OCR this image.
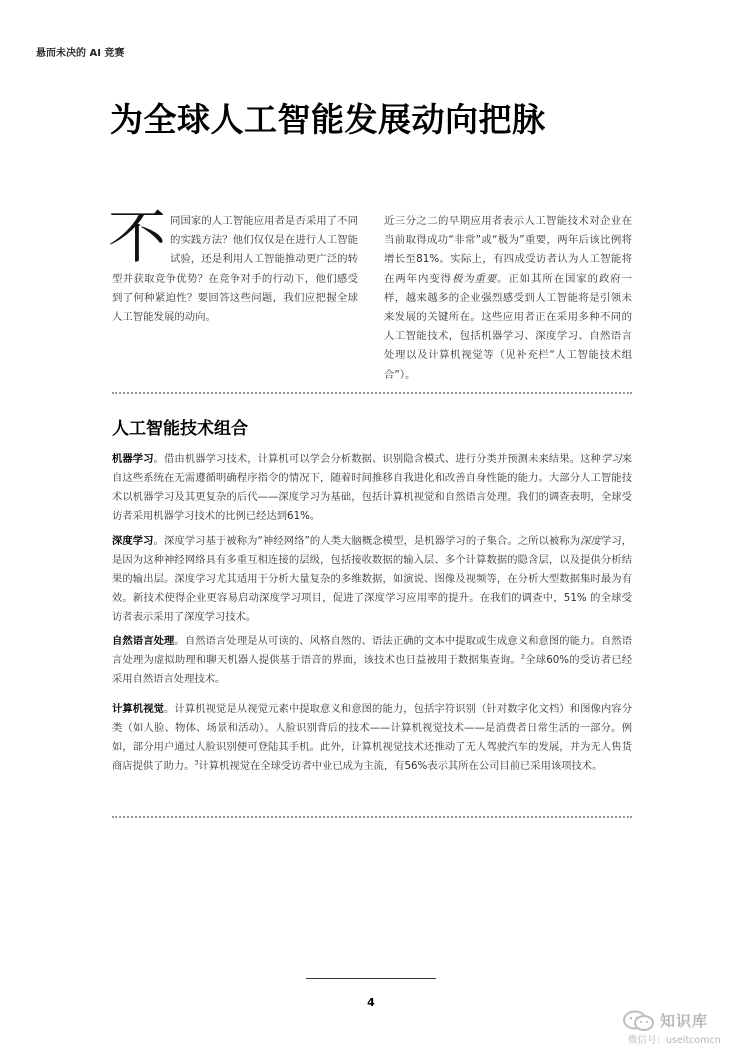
悬而未决的 AI 竞赛
为全球人工智能发展动向把脉

不同国家的人工智能应用者是否采用了不同的实践方法？他们仅仅是在进行人工智能试验，还是利用人工智能推动更广泛的转型并获取竞争优势？在竞争对手的行动下，他们感受到了何种紧迫性？要回答这些问题，我们应把握全球人工智能发展的动向。

近三分之二的早期应用者表示人工智能技术对企业在当前取得成功“非常”或“极为”重要，两年后该比例将增长至81%。实际上，有四成受访者认为人工智能将在两年内变得极为重要。正如其所在国家的政府一样，越来越多的企业强烈感受到人工智能将是引领未来发展的关键所在。这些应用者正在采用多种不同的人工智能技术，包括机器学习、深度学习、自然语言处理以及计算机视觉等（见补充栏“人工智能技术组合”）。

人工智能技术组合

机器学习。借由机器学习技术，计算机可以学会分析数据、识别隐含模式、进行分类并预测未来结果。这种学习来自这些系统在无需遵循明确程序指令的情况下，随着时间推移自我进化和改善自身性能的能力。大部分人工智能技术以机器学习及其更复杂的后代——深度学习为基础，包括计算机视觉和自然语言处理。我们的调查表明，全球受访者采用机器学习技术的比例已经达到61%。

深度学习。深度学习基于被称为“神经网络”的人类大脑概念模型，是机器学习的子集合。之所以被称为深度学习，是因为这种神经网络具有多重互相连接的层级，包括接收数据的输入层、多个计算数据的隐含层，以及提供分析结果的输出层。深度学习尤其适用于分析大量复杂的多维数据，如演说、图像及视频等，在分析大型数据集时最为有效。新技术使得企业更容易启动深度学习项目，促进了深度学习应用率的提升。在我们的调查中，51% 的全球受访者表示采用了深度学习技术。

自然语言处理。自然语言处理是从可读的、风格自然的、语法正确的文本中提取或生成意义和意图的能力。自然语言处理为虚拟助理和聊天机器人提供基于语音的界面，该技术也日益被用于数据集查询。$^2$全球60%的受访者已经采用自然语言处理技术。

计算机视觉。计算机视觉是从视觉元素中提取意义和意图的能力，包括字符识别（针对数字化文档）和图像内容分类（如人脸、物体、场景和活动）。人脸识别背后的技术——计算机视觉技术——是消费者日常生活的一部分。例如，部分用户通过人脸识别便可登陆其手机。此外，计算机视觉技术还推动了无人驾驶汽车的发展，并为无人售货商店提供了助力。$^3$计算机视觉在全球受访者中业已成为主流，有56%表示其所在公司目前已采用该项技术。

4
知识库
微信号：useitcomcn
